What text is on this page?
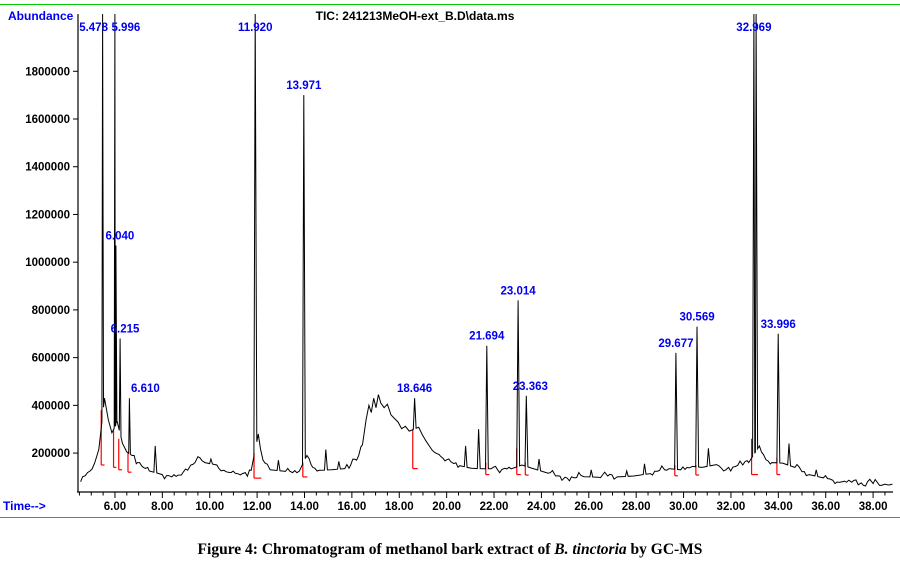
Abundance	TIC: 241213MeOH-ext_B.D\data.ms
6.00 8.00 10.00 12.00 14.00 16.00 18.00 20.00 22.00 24.00 26.00 28.00 30.00 32.00 34.00 36.00 38.00
200000
400000
600000
800000
1000000
1200000
1400000
1600000
1800000
5.478 5.996
6.040
6.215
6.610
11.920
13.971
18.646
21.694
23.014
23.363
29.677
30.569
32.969
33.996
Time-->
Figure 4: Chromatogram of methanol bark extract of B. tinctoria by GC-MS
